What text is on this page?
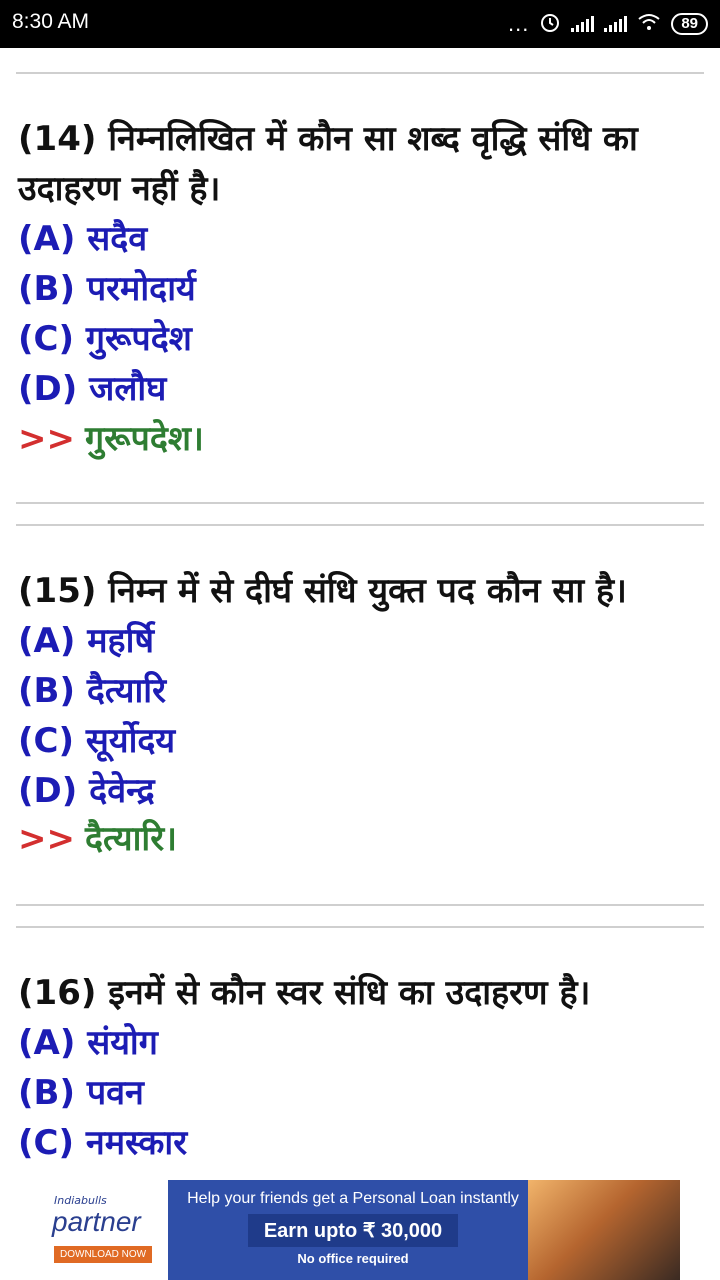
8:30 AM	...	89
(14) निम्नलिखित में कौन सा शब्द वृद्धि संधि का उदाहरण नहीं है।
(A) सदैव
(B) परमोदार्य
(C) गुरूपदेश
(D) जलौघ
>> गुरूपदेश।
(15) निम्न में से दीर्घ संधि युक्त पद कौन सा है।
(A) महर्षि
(B) दैत्यारि
(C) सूर्योदय
(D) देवेन्द्र
>> दैत्यारि।
(16) इनमें से कौन स्वर संधि का उदाहरण है।
(A) संयोग
(B) पवन
(C) नमस्कार
Indiabulls
partner
DOWNLOAD NOW
Help your friends get a Personal Loan instantly
Earn upto ₹ 30,000
No office required
